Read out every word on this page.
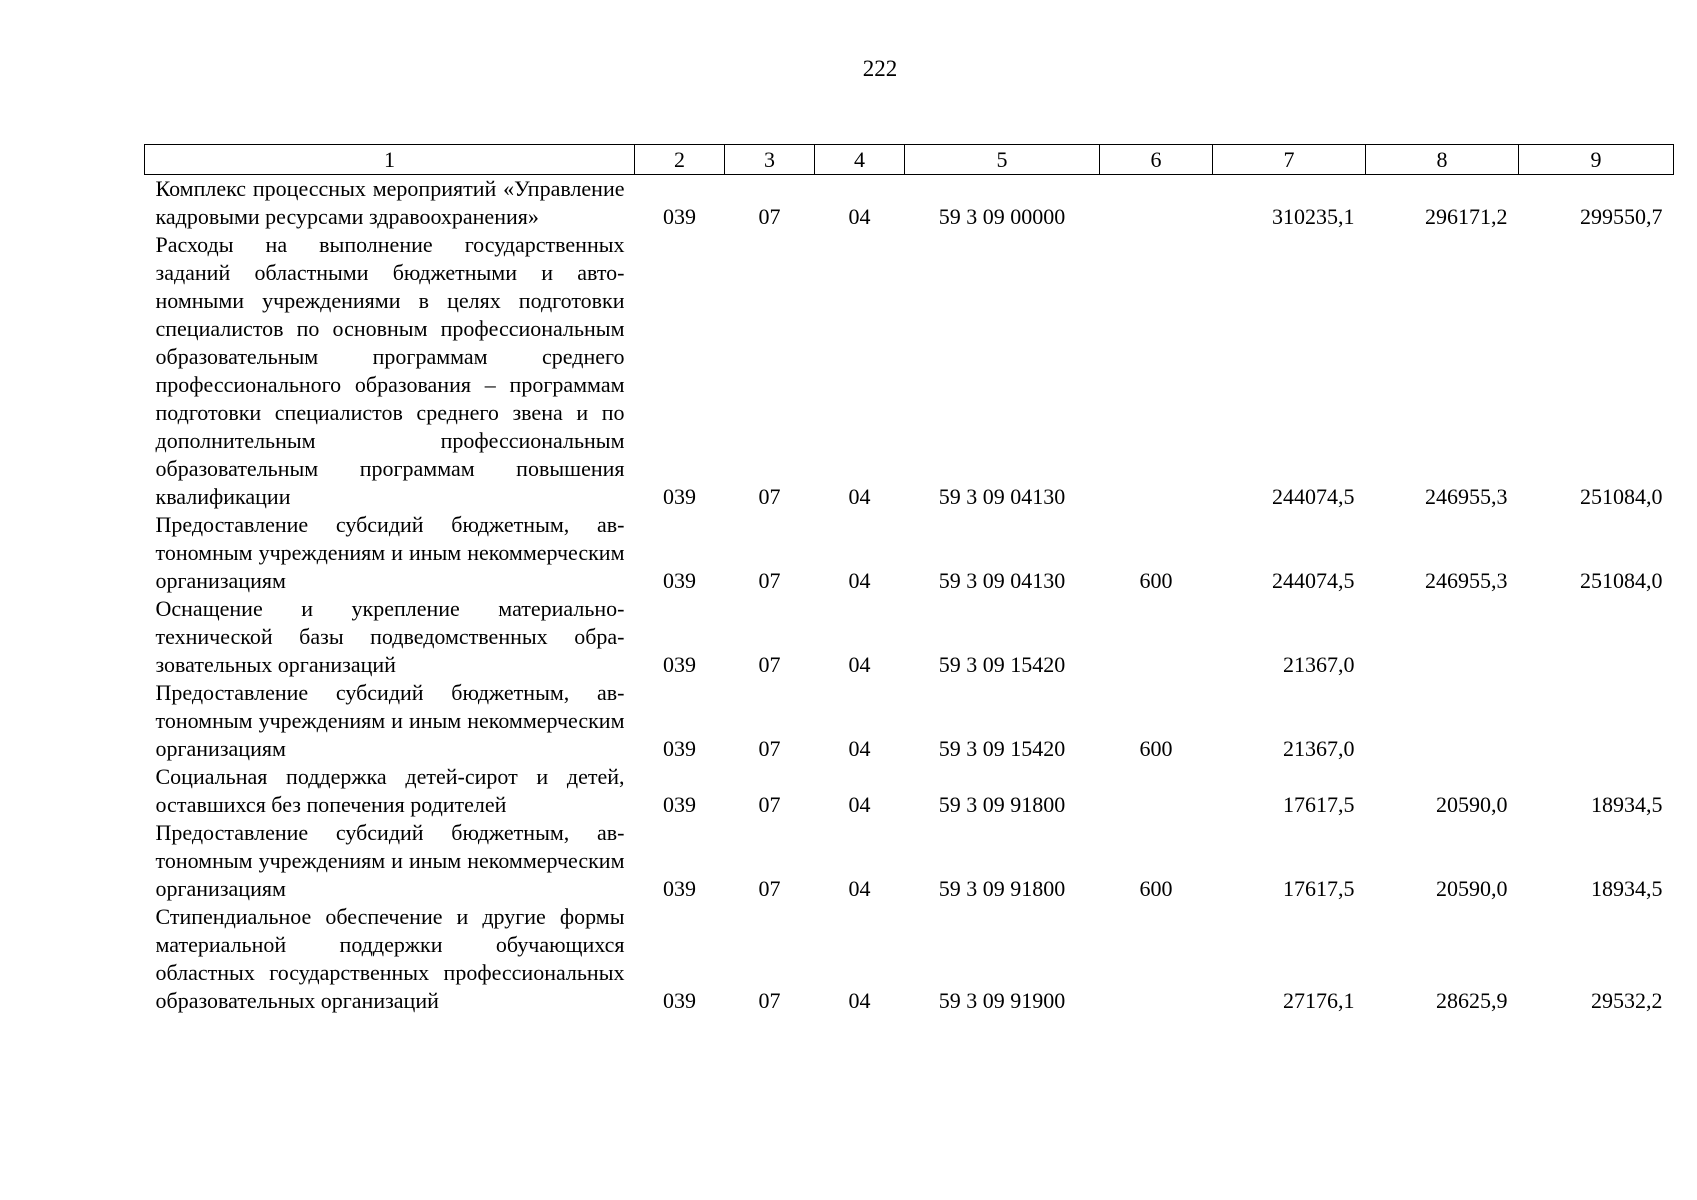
222
1	2	3	4	5	6	7	8	9
Комплекс процессных мероприятий «Управление кадровыми ресурсами здравоохранения»	039	07	04	59 3 09 00000		310235,1	296171,2	299550,7
Расходы на выполнение государственных заданий областными бюджетными и автономными учреждениями в целях подготовки специалистов по основным профессиональным образовательным программам среднего профессионального образования – программам подготовки специалистов среднего звена и по дополнительным профессиональным образовательным программам повышения квалификации	039	07	04	59 3 09 04130		244074,5	246955,3	251084,0
Предоставление субсидий бюджетным, автономным учреждениям и иным некоммерческим организациям	039	07	04	59 3 09 04130	600	244074,5	246955,3	251084,0
Оснащение и укрепление материально-технической базы подведомственных образовательных организаций	039	07	04	59 3 09 15420		21367,0		
Предоставление субсидий бюджетным, автономным учреждениям и иным некоммерческим организациям	039	07	04	59 3 09 15420	600	21367,0		
Социальная поддержка детей-сирот и детей, оставшихся без попечения родителей	039	07	04	59 3 09 91800		17617,5	20590,0	18934,5
Предоставление субсидий бюджетным, автономным учреждениям и иным некоммерческим организациям	039	07	04	59 3 09 91800	600	17617,5	20590,0	18934,5
Стипендиальное обеспечение и другие формы материальной поддержки обучающихся областных государственных профессиональных образовательных организаций	039	07	04	59 3 09 91900		27176,1	28625,9	29532,2
